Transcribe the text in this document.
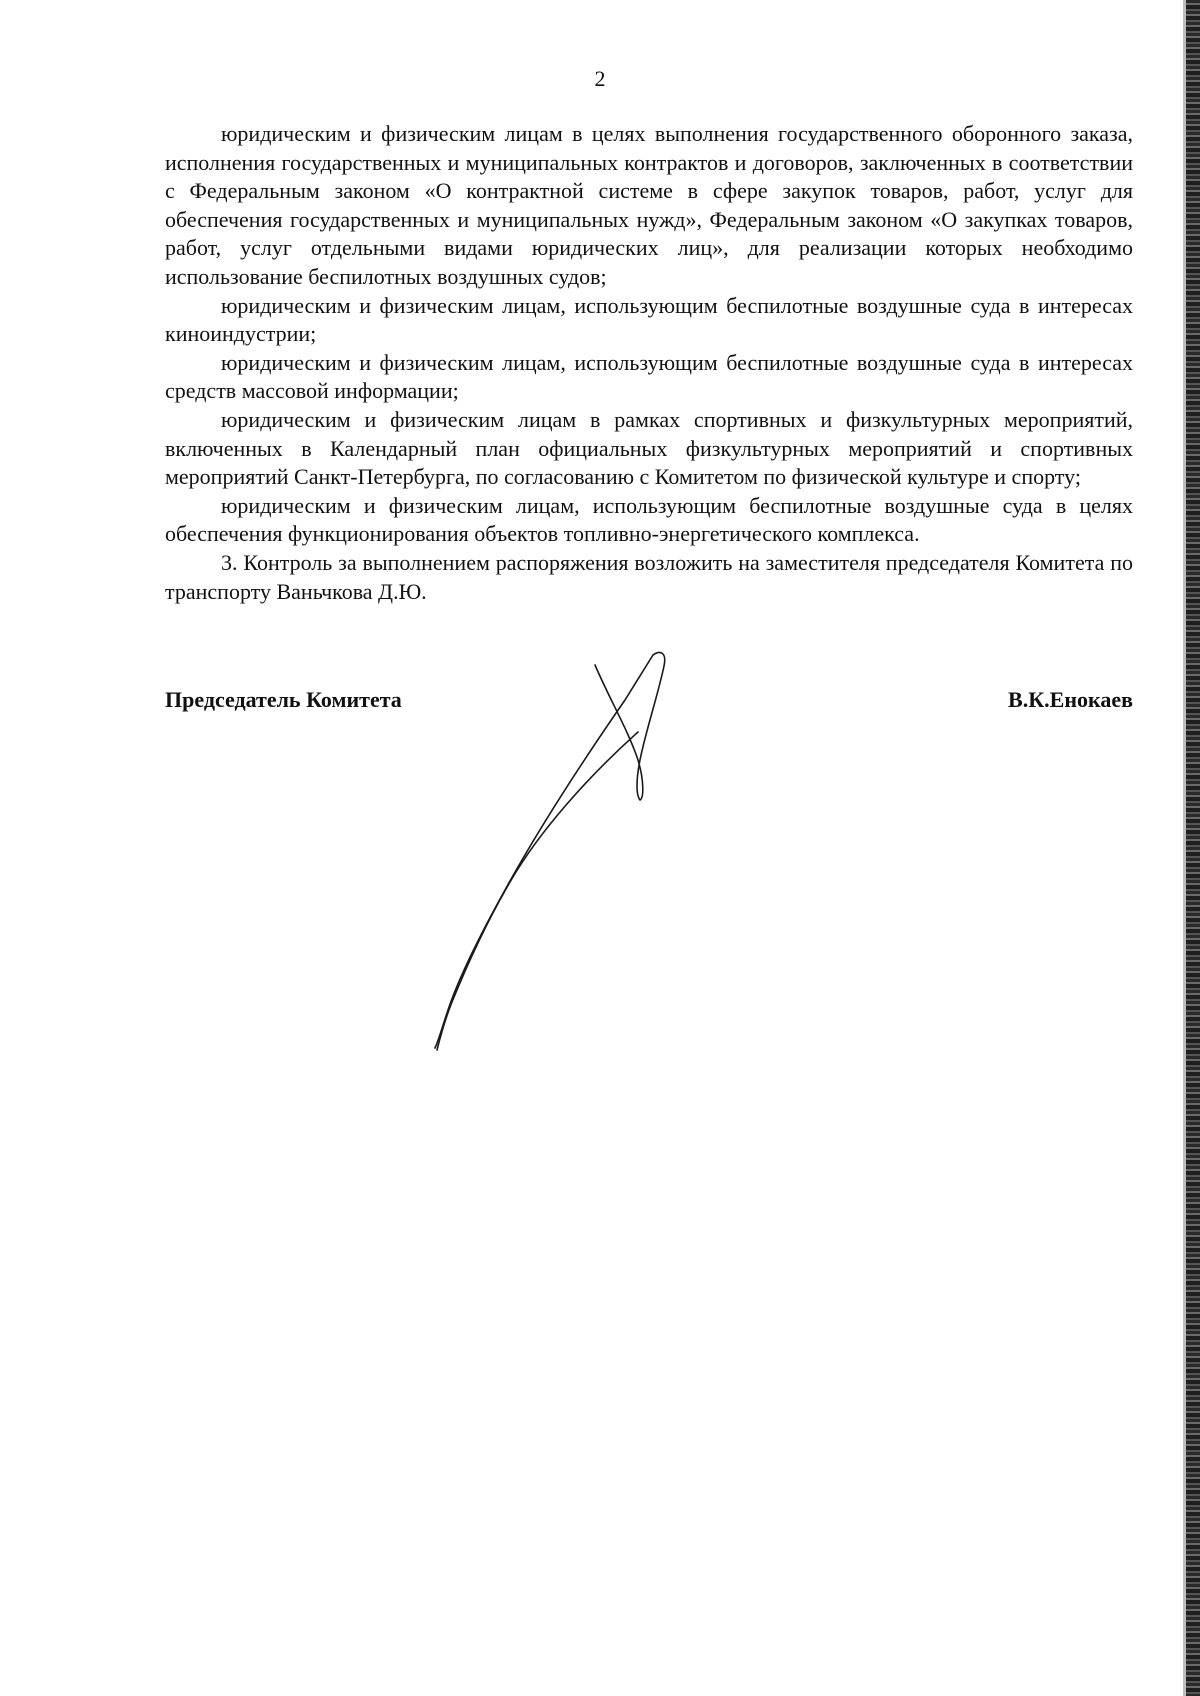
2

юридическим и физическим лицам в целях выполнения государственного оборонного заказа, исполнения государственных и муниципальных контрактов и договоров, заключенных в соответствии с Федеральным законом «О контрактной системе в сфере закупок товаров, работ, услуг для обеспечения государственных и муниципальных нужд», Федеральным законом «О закупках товаров, работ, услуг отдельными видами юридических лиц», для реализации которых необходимо использование беспилотных воздушных судов;

юридическим и физическим лицам, использующим беспилотные воздушные суда в интересах киноиндустрии;

юридическим и физическим лицам, использующим беспилотные воздушные суда в интересах средств массовой информации;

юридическим и физическим лицам в рамках спортивных и физкультурных мероприятий, включенных в Календарный план официальных физкультурных мероприятий и спортивных мероприятий Санкт-Петербурга, по согласованию с Комитетом по физической культуре и спорту;

юридическим и физическим лицам, использующим беспилотные воздушные суда в целях обеспечения функционирования объектов топливно-энергетического комплекса.

3. Контроль за выполнением распоряжения возложить на заместителя председателя Комитета по транспорту Ваньчкова Д.Ю.

Председатель Комитета	В.К.Енокаев
